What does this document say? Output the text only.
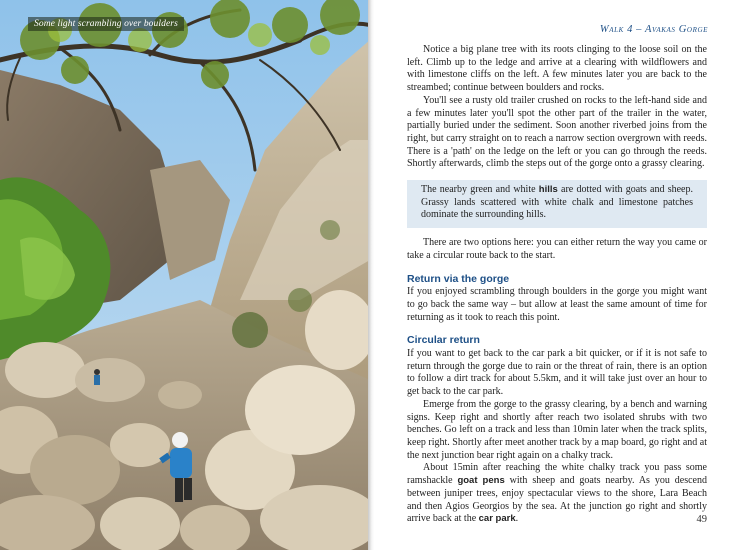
Some light scrambling over boulders	Walk 4 – Avakas Gorge

Notice a big plane tree with its roots clinging to the loose soil on the left. Climb up to the ledge and arrive at a clearing with wildflowers and with limestone cliffs on the left. A few minutes later you are back to the streambed; continue between boulders and rocks.

You'll see a rusty old trailer crushed on rocks to the left-hand side and a few minutes later you'll spot the other part of the trailer in the water, partially buried under the sediment. Soon another riverbed joins from the right, but carry straight on to reach a narrow section overgrown with reeds. There is a 'path' on the ledge on the left or you can go through the reeds. Shortly afterwards, climb the steps out of the gorge onto a grassy clearing.

The nearby green and white hills are dotted with goats and sheep. Grassy lands scattered with white chalk and limestone patches dominate the surrounding hills.

There are two options here: you can either return the way you came or take a circular route back to the start.

Return via the gorge

If you enjoyed scrambling through boulders in the gorge you might want to go back the same way – but allow at least the same amount of time for returning as it took to reach this point.

Circular return

If you want to get back to the car park a bit quicker, or if it is not safe to return through the gorge due to rain or the threat of rain, there is an option to follow a dirt track for about 5.5km, and it will take just over an hour to get back to the car park.

Emerge from the gorge to the grassy clearing, by a bench and warning signs. Keep right and shortly after reach two isolated shrubs with two benches. Go left on a track and less than 10min later when the track splits, keep right. Shortly after meet another track by a map board, go right and at the next junction bear right again on a chalky track.

About 15min after reaching the white chalky track you pass some ramshackle goat pens with sheep and goats nearby. As you descend between juniper trees, enjoy spectacular views to the shore, Lara Beach and then Agios Georgios by the sea. At the junction go right and shortly arrive back at the car park.	49
